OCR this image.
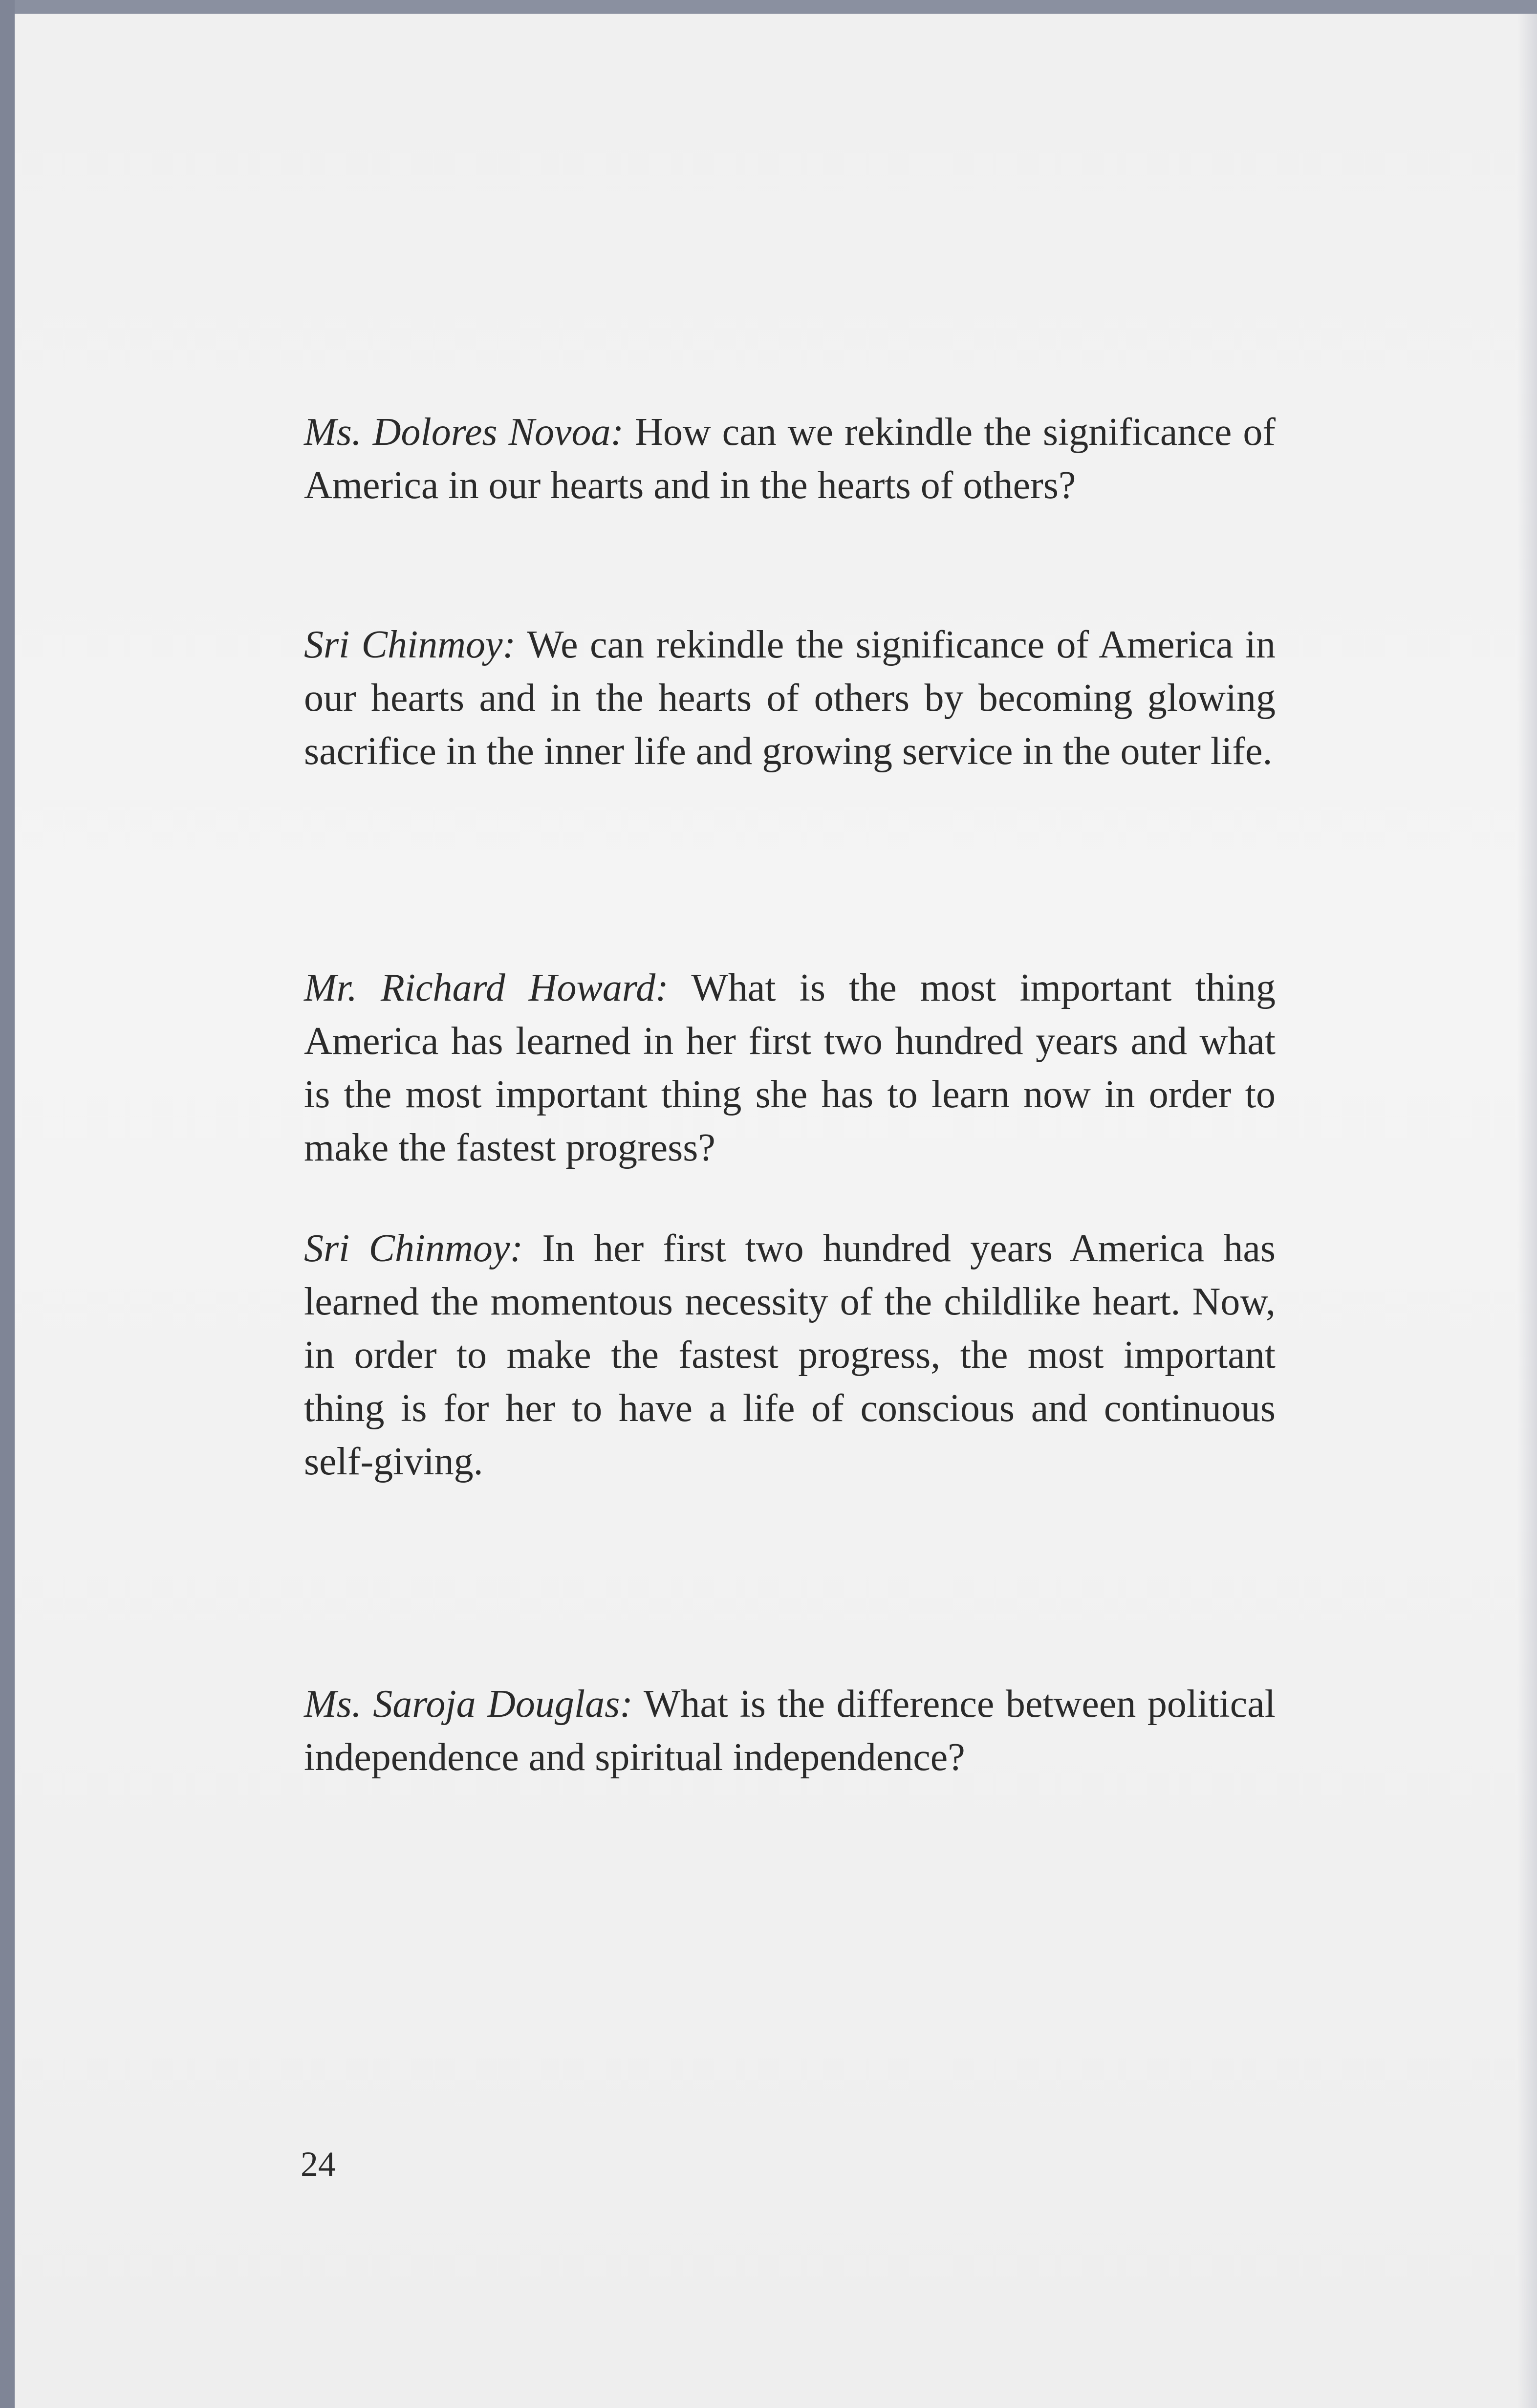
Ms. Dolores Novoa: How can we rekindle the significance of America in our hearts and in the hearts of others?

Sri Chinmoy: We can rekindle the significance of America in our hearts and in the hearts of others by becoming glowing sacrifice in the inner life and growing service in the outer life.

Mr. Richard Howard: What is the most important thing America has learned in her first two hundred years and what is the most important thing she has to learn now in order to make the fastest progress?

Sri Chinmoy: In her first two hundred years America has learned the momentous necessity of the childlike heart. Now, in order to make the fastest progress, the most important thing is for her to have a life of conscious and continuous self-giving.

Ms. Saroja Douglas: What is the difference between political independence and spiritual independence?

24
